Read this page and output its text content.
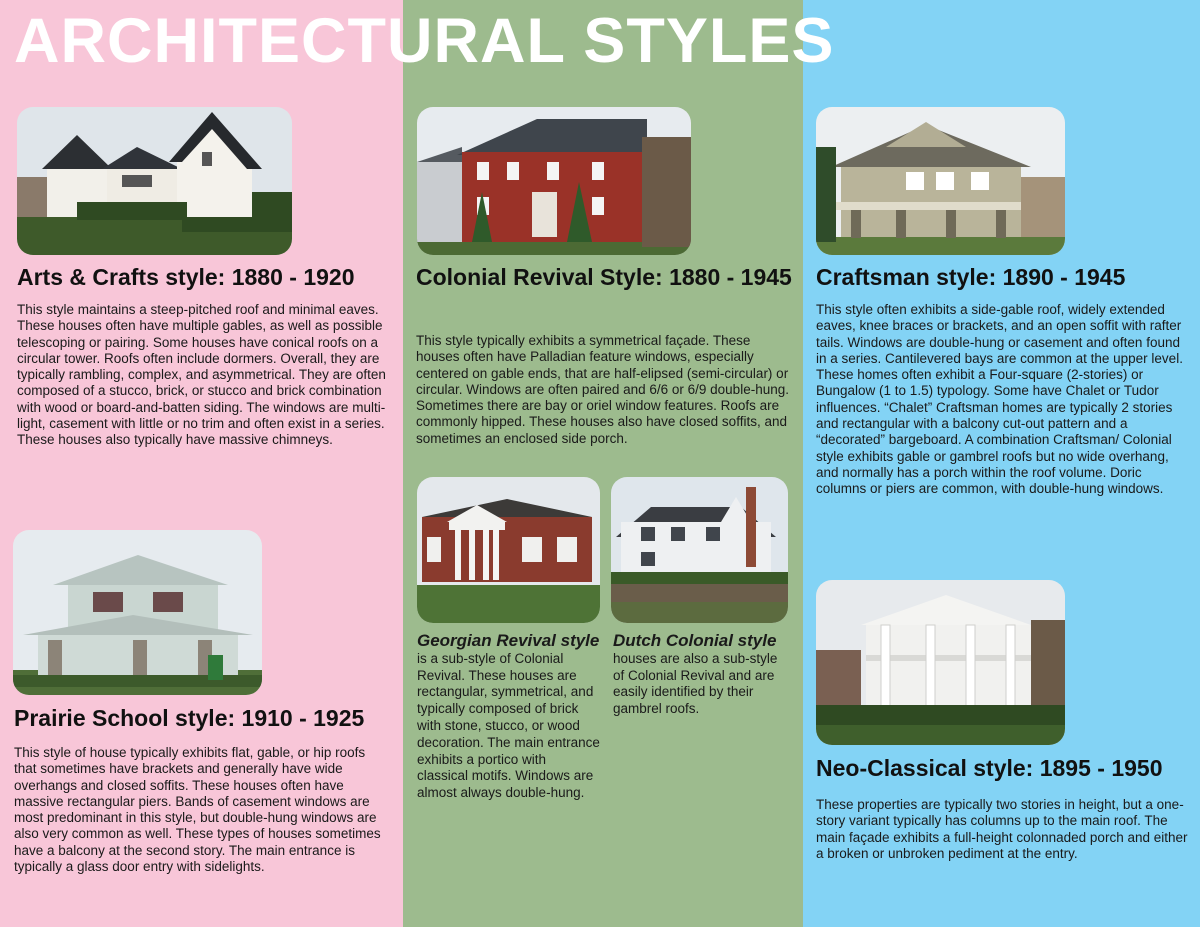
ARCHITECTURAL STYLES
Arts & Crafts style: 1880 - 1920

This style maintains a steep-pitched roof and minimal eaves. These houses often have multiple gables, as well as possible telescoping or pairing. Some houses have conical roofs on a circular tower. Roofs often include dormers. Overall, they are typically rambling, complex, and asymmetrical. They are often composed of a stucco, brick, or stucco and brick combination with wood or board-and-batten siding. The windows are multi-light, casement with little or no trim and often exist in a series. These houses also typically have massive chimneys.

Prairie School style: 1910 - 1925

This style of house typically exhibits flat, gable, or hip roofs that sometimes have brackets and generally have wide overhangs and closed soffits. These houses often have massive rectangular piers. Bands of casement windows are most predominant in this style, but double-hung windows are also very common as well. These types of houses sometimes have a balcony at the second story. The main entrance is typically a glass door entry with sidelights.

Colonial Revival Style: 1880 - 1945

This style typically exhibits a symmetrical façade. These houses often have Palladian feature windows, especially centered on gable ends, that are half-elipsed (semi-circular) or circular. Windows are often paired and 6/6 or 6/9 double-hung. Sometimes there are bay or oriel window features. Roofs are commonly hipped. These houses also have closed soffits, and sometimes an enclosed side porch.

Georgian Revival style is a sub-style of Colonial Revival. These houses are rectangular, symmetrical, and typically composed of brick with stone, stucco, or wood decoration. The main entrance exhibits a portico with classical motifs. Windows are almost always double-hung.

Dutch Colonial style houses are also a sub-style of Colonial Revival and are easily identified by their gambrel roofs.

Craftsman style: 1890 - 1945

This style often exhibits a side-gable roof, widely extended eaves, knee braces or brackets, and an open soffit with rafter tails. Windows are double-hung or casement and often found in a series. Cantilevered bays are common at the upper level. These homes often exhibit a Four-square (2-stories) or Bungalow (1 to 1.5) typology. Some have Chalet or Tudor influences. “Chalet” Craftsman homes are typically 2 stories and rectangular with a balcony cut-out pattern and a “decorated” bargeboard. A combination Craftsman/ Colonial style exhibits gable or gambrel roofs but no wide overhang, and normally has a porch within the roof volume. Doric columns or piers are common, with double-hung windows.

Neo-Classical style: 1895 - 1950

These properties are typically two stories in height, but a one-story variant typically has columns up to the main roof. The main façade exhibits a full-height colonnaded porch and either a broken or unbroken pediment at the entry.
